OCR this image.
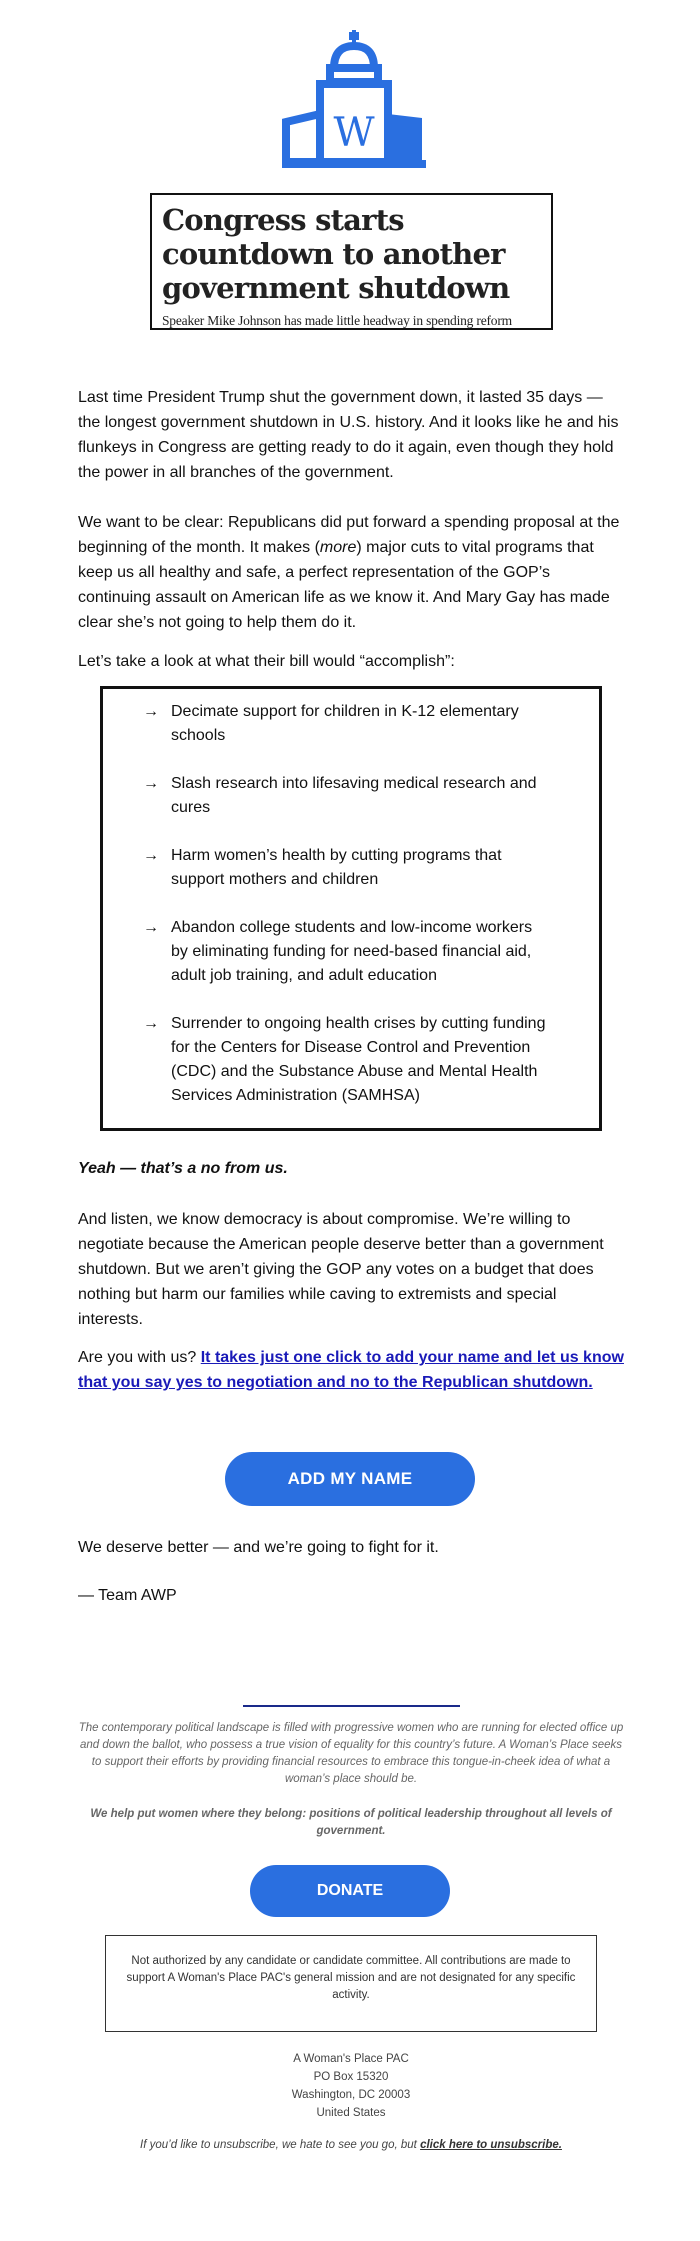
W
Congress starts countdown to another government shutdown
Speaker Mike Johnson has made little headway in spending reform

Last time President Trump shut the government down, it lasted 35 days — the longest government shutdown in U.S. history. And it looks like he and his flunkeys in Congress are getting ready to do it again, even though they hold the power in all branches of the government.

We want to be clear: Republicans did put forward a spending proposal at the beginning of the month. It makes (more) major cuts to vital programs that keep us all healthy and safe, a perfect representation of the GOP’s continuing assault on American life as we know it. And Mary Gay has made clear she’s not going to help them do it.

Let’s take a look at what their bill would “accomplish”:

→ Decimate support for children in K-12 elementary schools
→ Slash research into lifesaving medical research and cures
→ Harm women’s health by cutting programs that support mothers and children
→ Abandon college students and low-income workers by eliminating funding for need-based financial aid, adult job training, and adult education
→ Surrender to ongoing health crises by cutting funding for the Centers for Disease Control and Prevention (CDC) and the Substance Abuse and Mental Health Services Administration (SAMHSA)

Yeah — that’s a no from us.

And listen, we know democracy is about compromise. We’re willing to negotiate because the American people deserve better than a government shutdown. But we aren’t giving the GOP any votes on a budget that does nothing but harm our families while caving to extremists and special interests.

Are you with us? It takes just one click to add your name and let us know that you say yes to negotiation and no to the Republican shutdown.

ADD MY NAME

We deserve better — and we’re going to fight for it.

— Team AWP

The contemporary political landscape is filled with progressive women who are running for elected office up and down the ballot, who possess a true vision of equality for this country’s future. A Woman’s Place seeks to support their efforts by providing financial resources to embrace this tongue-in-cheek idea of what a woman’s place should be.
We help put women where they belong: positions of political leadership throughout all levels of government.
DONATE
Not authorized by any candidate or candidate committee. All contributions are made to support A Woman's Place PAC's general mission and are not designated for any specific activity.
A Woman's Place PAC
PO Box 15320
Washington, DC 20003
United States
If you’d like to unsubscribe, we hate to see you go, but click here to unsubscribe.
